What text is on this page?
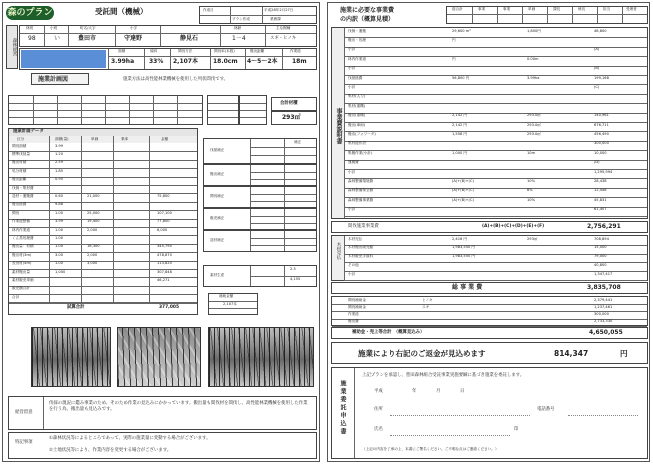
森のプラン	受託間（機械）	作成日	平成28年2月27日
プラン作成	業務課
森林経営
林班	小班	町名/大字	小字	林齢	主な樹種
98	い	豊田市	守達野	静見石	1－4	スギ・ヒノキ
面積	傾斜	間伐方法	間伐率(本数)	搬出距離	作業道
3.99ha 33% 2,107本	18.0cm 4～5～2本 18m
施業計画図	施業方法は高性能林業機械を使用した列状間伐です。
合計材積
293㎡
施業計画データ
区分	面積(量)	単価	乗率	金額
間伐面積	3.99
標準伐採量	1.20
搬出材積	2.59
処分材積	1.85
搬出距離	0.95
伐倒・集材費
造材・運搬費	0.60	21,000	75,800
搬出経費	9.88
間伐	1.00	25,000	107,100
作業道整備	3.99	19,400	77,800
林内作業道	1.00	2,000	6,000
くん蒸処理費	1.00
搬出量：材積	1.00	16,300	345,790
搬出材(3m)	3.00	2,000	478,870
長伐材(4m)	1.00	3,000	113,820
素材搬出量	1,000	307,848
素材販売単価	46,271
販売額合計
合計
試算合計	377,005
伐採補正
補正
搬出補正
間伐補正
販売補正
造材補正
素材生産
2.3
4,155
補助金額
2,107本
経営留意
伐採の現況に鑑み事業のため、そのため作業の見込みにかかっています。搬出量も間伐材を間伐し、高性能林業機械を使用した作業を行う為、搬出量も見込みです。
特記事項
①森林状況等によるところであって、実際の施業量に変動する場合がございます。
②土地状況等により、作業内容を変更する場合がございます。
施業に必要な事業費
の内訳（概算見積）
総合計	事業	事業	単価	課長	係長	担当	受理者
事業費説明書
伐倒・運搬	29,600 m³	1,800円	48,800
搬出・処理	円
小計	(A)
林内作業道	円	0.00m
小計	(B)
伐採経費	56,800 円	3.99ha	199,168
小計	(C)
集材(人力)
集材(重機)
搬出(重機)	2,142 円	293.0㎡	140,961
搬出(車両)	2,142 円	293.0㎡	676,711
搬出(フォワーダ)	1,558 円	293.0㎡	456,490
集材道作設	300,000
集搬作業(小計)	1,000 円	10m	10,000
運搬費	(D)
小計	1,295,994
森林整備環境費	(A)+(B)+(C)	10%	28,438
森林整備保全費	(A)+(B)+(C)	6%	12,448
森林整備事業費	(A)+(B)+(C)	10%	45,831
小計	61,407
間伐施業事業費	(A)+(B)+(C)+(D)+(E)+(F)	2,756,291
木材売払
木材売払	2,416 円	293㎡	708,894
木材搬出販売額	1,983,550 円	15,000
木材販売手数料	1,983,550 円	79,000
その他	40,800
小計	1,347,417
総 事 業 費	3,835,708
間伐補助金	ヒノキ	2,379,441
間伐補助金	スギ	1,237,461
作業道	300,000
搬出費	2,733,330
補助金・売上等合計　（概算見込み）	4,650,055
施業により右記のご返金が見込めます	814,347	円
施業委託申込書
上記プランを承認し、豊田森林組合受託事業実施要綱に基づき施業を委託します。
平成	年	月	日
住所	電話番号
氏名	印
（上記の内容を了承の上、本書にご署名ください。ご不明な点はご連絡ください。）
